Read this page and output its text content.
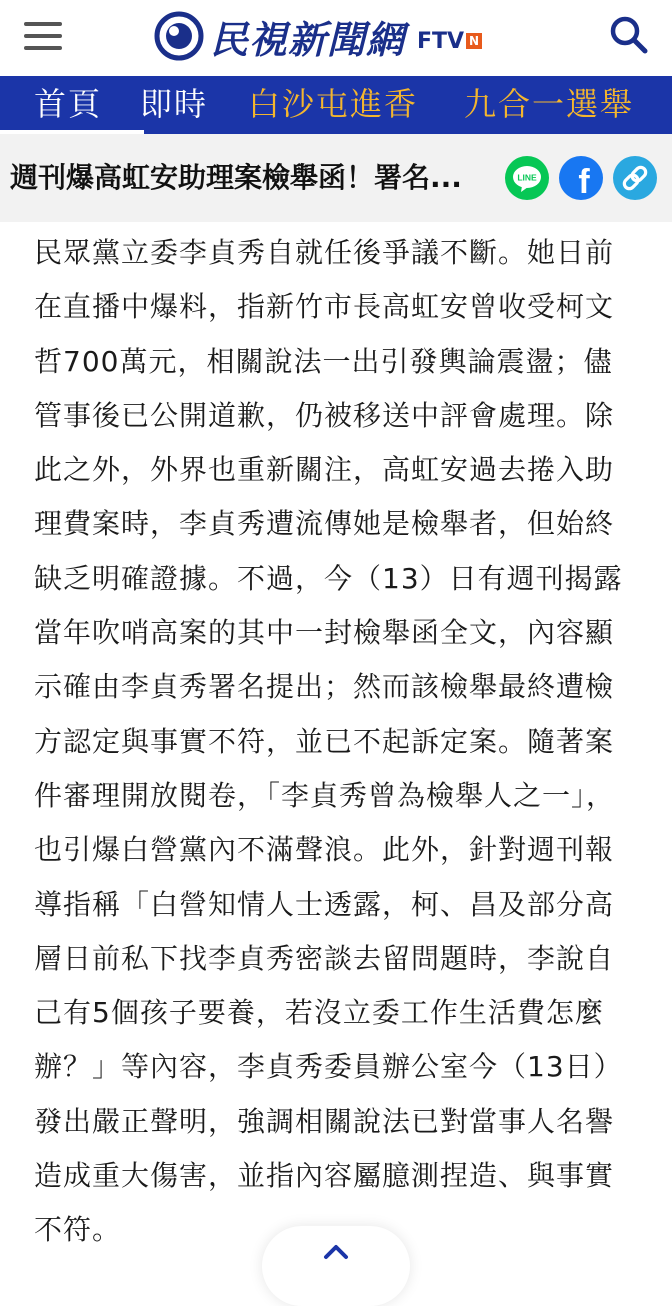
民視新聞網 FTV N
首頁 即時 白沙屯進香 九合一選舉
週刊爆高虹安助理案檢舉函！署名...	LINE f
民眾黨立委李貞秀自就任後爭議不斷。她日前
在直播中爆料，指新竹市長高虹安曾收受柯文
哲700萬元，相關說法一出引發輿論震盪；儘
管事後已公開道歉，仍被移送中評會處理。除
此之外，外界也重新關注，高虹安過去捲入助
理費案時，李貞秀遭流傳她是檢舉者，但始終
缺乏明確證據。不過，今（13）日有週刊揭露
當年吹哨高案的其中一封檢舉函全文，內容顯
示確由李貞秀署名提出；然而該檢舉最終遭檢
方認定與事實不符，並已不起訴定案。隨著案
件審理開放閱卷，「李貞秀曾為檢舉人之一」，
也引爆白營黨內不滿聲浪。此外，針對週刊報
導指稱「白營知情人士透露，柯、昌及部分高
層日前私下找李貞秀密談去留問題時，李說自
己有5個孩子要養，若沒立委工作生活費怎麼
辦？」等內容，李貞秀委員辦公室今（13日）
發出嚴正聲明，強調相關說法已對當事人名譽
造成重大傷害，並指內容屬臆測捏造、與事實
不符。
